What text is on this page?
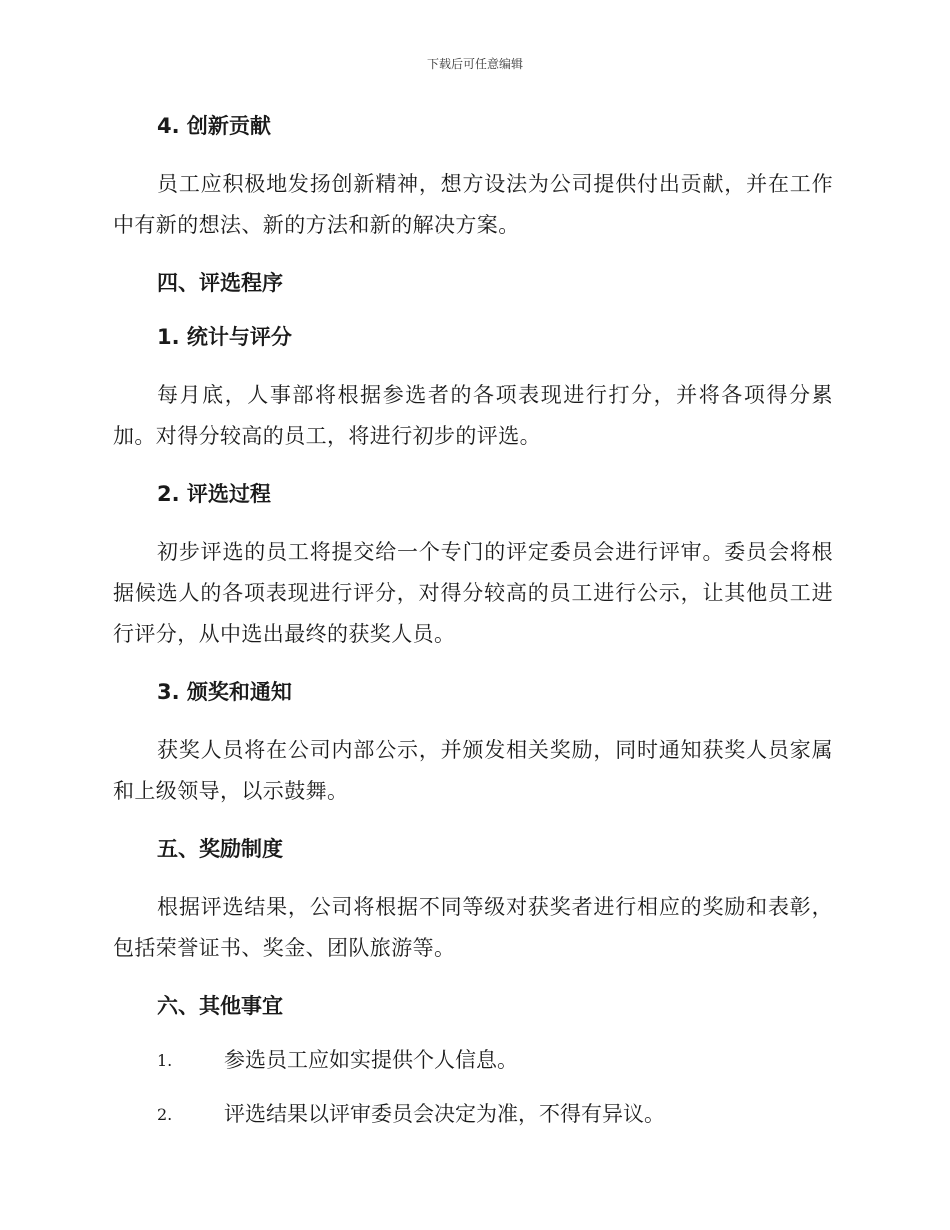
下载后可任意编辑

4. 创新贡献

员工应积极地发扬创新精神，想方设法为公司提供付出贡献，并在工作中有新的想法、新的方法和新的解决方案。

四、评选程序

1. 统计与评分

每月底，人事部将根据参选者的各项表现进行打分，并将各项得分累加。对得分较高的员工，将进行初步的评选。

2. 评选过程

初步评选的员工将提交给一个专门的评定委员会进行评审。委员会将根据候选人的各项表现进行评分，对得分较高的员工进行公示，让其他员工进行评分，从中选出最终的获奖人员。

3. 颁奖和通知

获奖人员将在公司内部公示，并颁发相关奖励，同时通知获奖人员家属和上级领导，以示鼓舞。

五、奖励制度

根据评选结果，公司将根据不同等级对获奖者进行相应的奖励和表彰，包括荣誉证书、奖金、团队旅游等。

六、其他事宜

1. 参选员工应如实提供个人信息。

2. 评选结果以评审委员会决定为准，不得有异议。
